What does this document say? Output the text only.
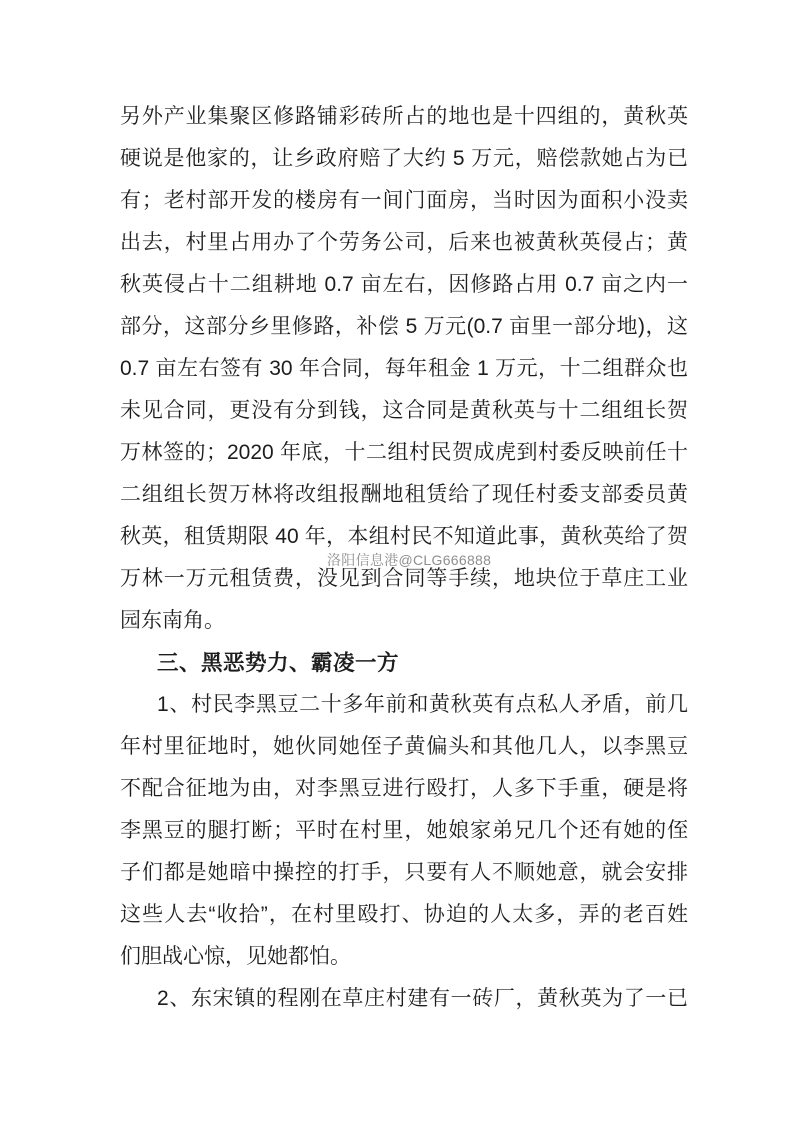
另外产业集聚区修路铺彩砖所占的地也是十四组的，黄秋英
硬说是他家的，让乡政府赔了大约 5 万元，赔偿款她占为已
有；老村部开发的楼房有一间门面房，当时因为面积小没卖
出去，村里占用办了个劳务公司，后来也被黄秋英侵占；黄
秋英侵占十二组耕地 0.7 亩左右，因修路占用 0.7 亩之内一
部分，这部分乡里修路，补偿 5 万元(0.7 亩里一部分地)，这
0.7 亩左右签有 30 年合同，每年租金 1 万元，十二组群众也
未见合同，更没有分到钱，这合同是黄秋英与十二组组长贺
万林签的；2020 年底，十二组村民贺成虎到村委反映前任十
二组组长贺万林将改组报酬地租赁给了现任村委支部委员黄
秋英，租赁期限 40 年，本组村民不知道此事，黄秋英给了贺
万林一万元租赁费，没见到合同等手续，地块位于草庄工业
园东南角。
三、黑恶势力、霸凌一方
1、村民李黑豆二十多年前和黄秋英有点私人矛盾，前几
年村里征地时，她伙同她侄子黄偏头和其他几人，以李黑豆
不配合征地为由，对李黑豆进行殴打，人多下手重，硬是将
李黑豆的腿打断；平时在村里，她娘家弟兄几个还有她的侄
子们都是她暗中操控的打手，只要有人不顺她意，就会安排
这些人去“收拾”，在村里殴打、协迫的人太多，弄的老百姓
们胆战心惊，见她都怕。
2、东宋镇的程刚在草庄村建有一砖厂，黄秋英为了一已
洛阳信息港@CLG666888
